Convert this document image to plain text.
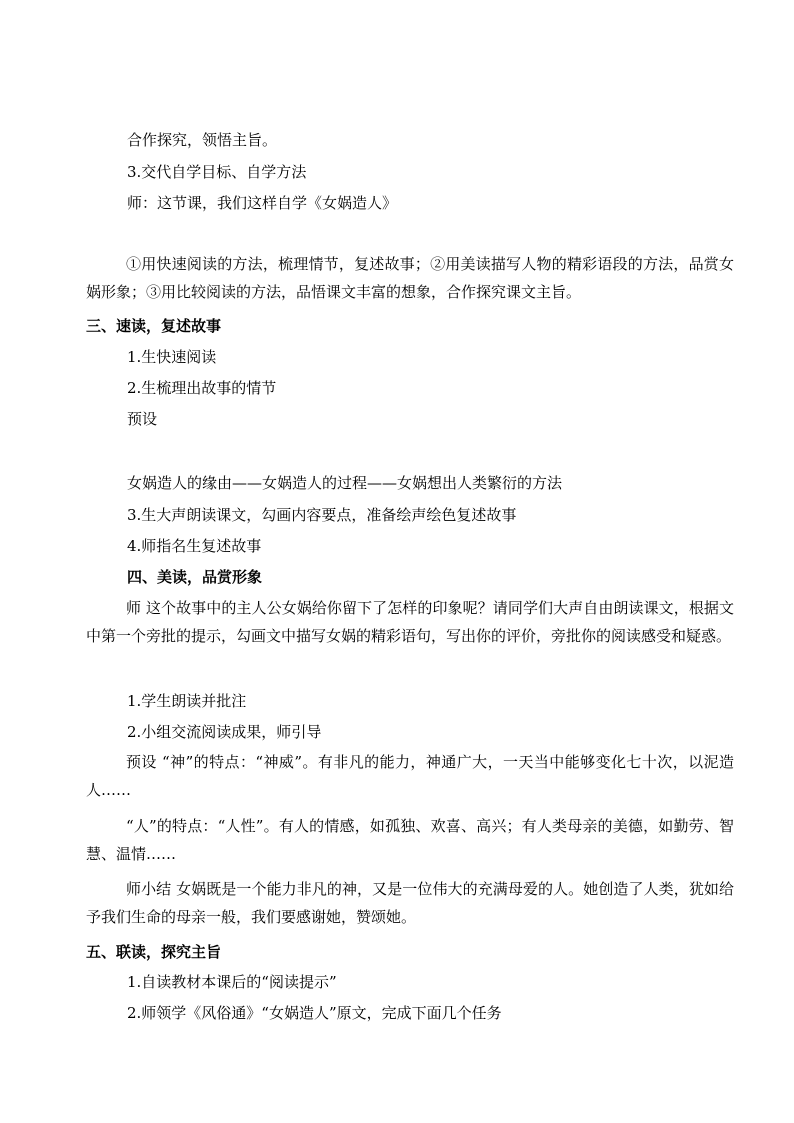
合作探究，领悟主旨。
3.交代自学目标、自学方法
师：这节课，我们这样自学《女娲造人》
①用快速阅读的方法，梳理情节，复述故事；②用美读描写人物的精彩语段的方法，品赏女娲形象；③用比较阅读的方法，品悟课文丰富的想象，合作探究课文主旨。
三、速读，复述故事
1.生快速阅读
2.生梳理出故事的情节
预设
女娲造人的缘由——女娲造人的过程——女娲想出人类繁衍的方法
3.生大声朗读课文，勾画内容要点，准备绘声绘色复述故事
4.师指名生复述故事
四、美读，品赏形象
师 这个故事中的主人公女娲给你留下了怎样的印象呢？请同学们大声自由朗读课文，根据文中第一个旁批的提示，勾画文中描写女娲的精彩语句，写出你的评价，旁批你的阅读感受和疑惑。
1.学生朗读并批注
2.小组交流阅读成果，师引导
预设 “神”的特点：“神威”。有非凡的能力，神通广大，一天当中能够变化七十次，以泥造人……
“人”的特点：“人性”。有人的情感，如孤独、欢喜、高兴；有人类母亲的美德，如勤劳、智慧、温情……
师小结 女娲既是一个能力非凡的神，又是一位伟大的充满母爱的人。她创造了人类，犹如给予我们生命的母亲一般，我们要感谢她，赞颂她。
五、联读，探究主旨
1.自读教材本课后的“阅读提示”
2.师领学《风俗通》“女娲造人”原文，完成下面几个任务
